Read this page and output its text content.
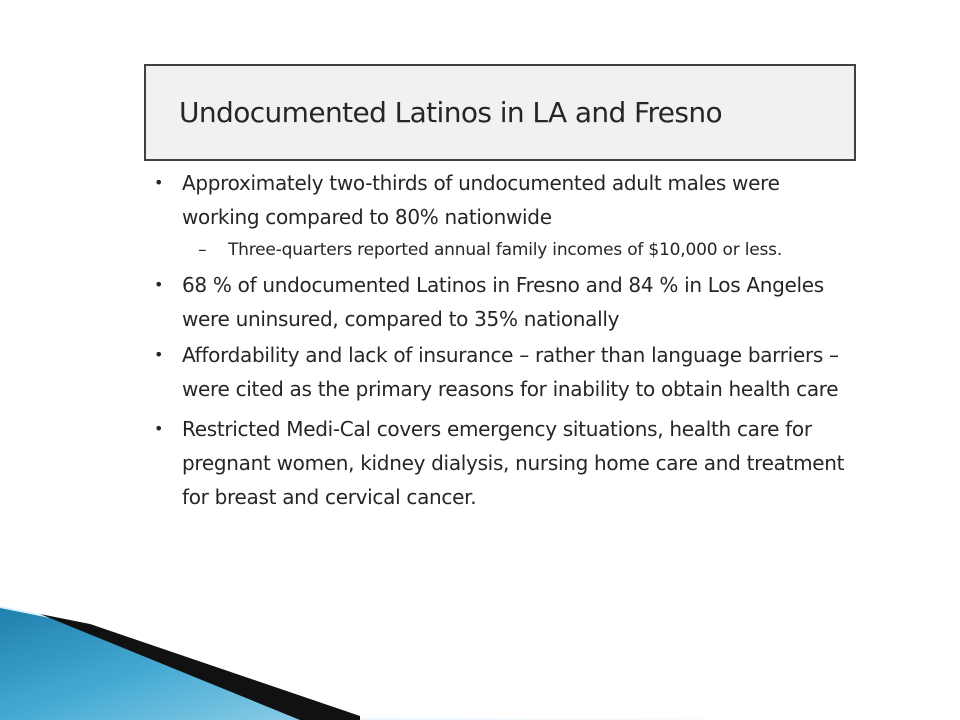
Undocumented Latinos in LA and Fresno
• Approximately two-thirds of undocumented adult males were working compared to 80% nationwide
– Three-quarters reported annual family incomes of $10,000 or less.
• 68 % of undocumented Latinos in Fresno and 84 % in Los Angeles were uninsured, compared to 35% nationally
• Affordability and lack of insurance – rather than language barriers – were cited as the primary reasons for inability to obtain health care
• Restricted Medi-Cal covers emergency situations, health care for pregnant women, kidney dialysis, nursing home care and treatment for breast and cervical cancer.
